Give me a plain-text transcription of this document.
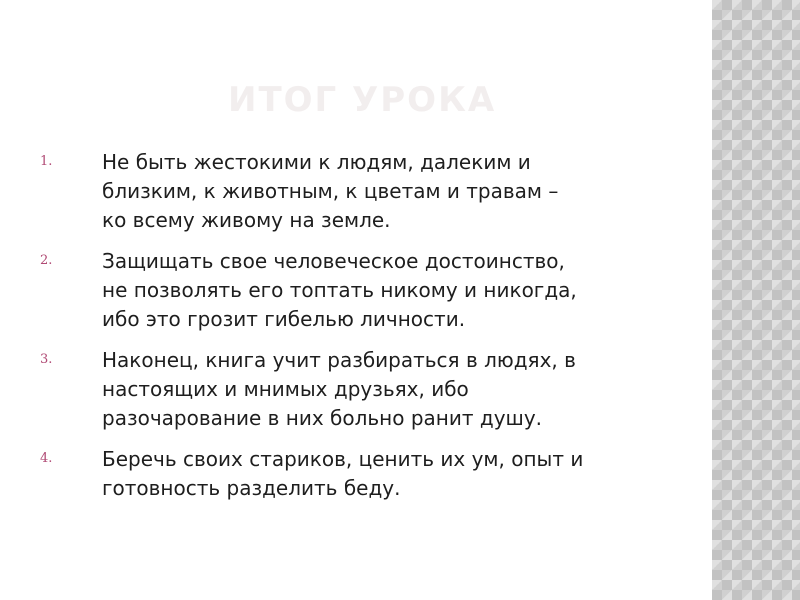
ИТОГ УРОКА
1.	Не быть жестокими к людям, далеким и
близким, к животным, к цветам и травам –
ко всему живому на земле.
2.	Защищать свое человеческое достоинство,
не позволять его топтать никому и никогда,
ибо это грозит гибелью личности.
3.	Наконец, книга учит разбираться в людях, в
настоящих и мнимых друзьях, ибо
разочарование в них больно ранит душу.
4.	Беречь своих стариков, ценить их ум, опыт и
готовность разделить беду.
